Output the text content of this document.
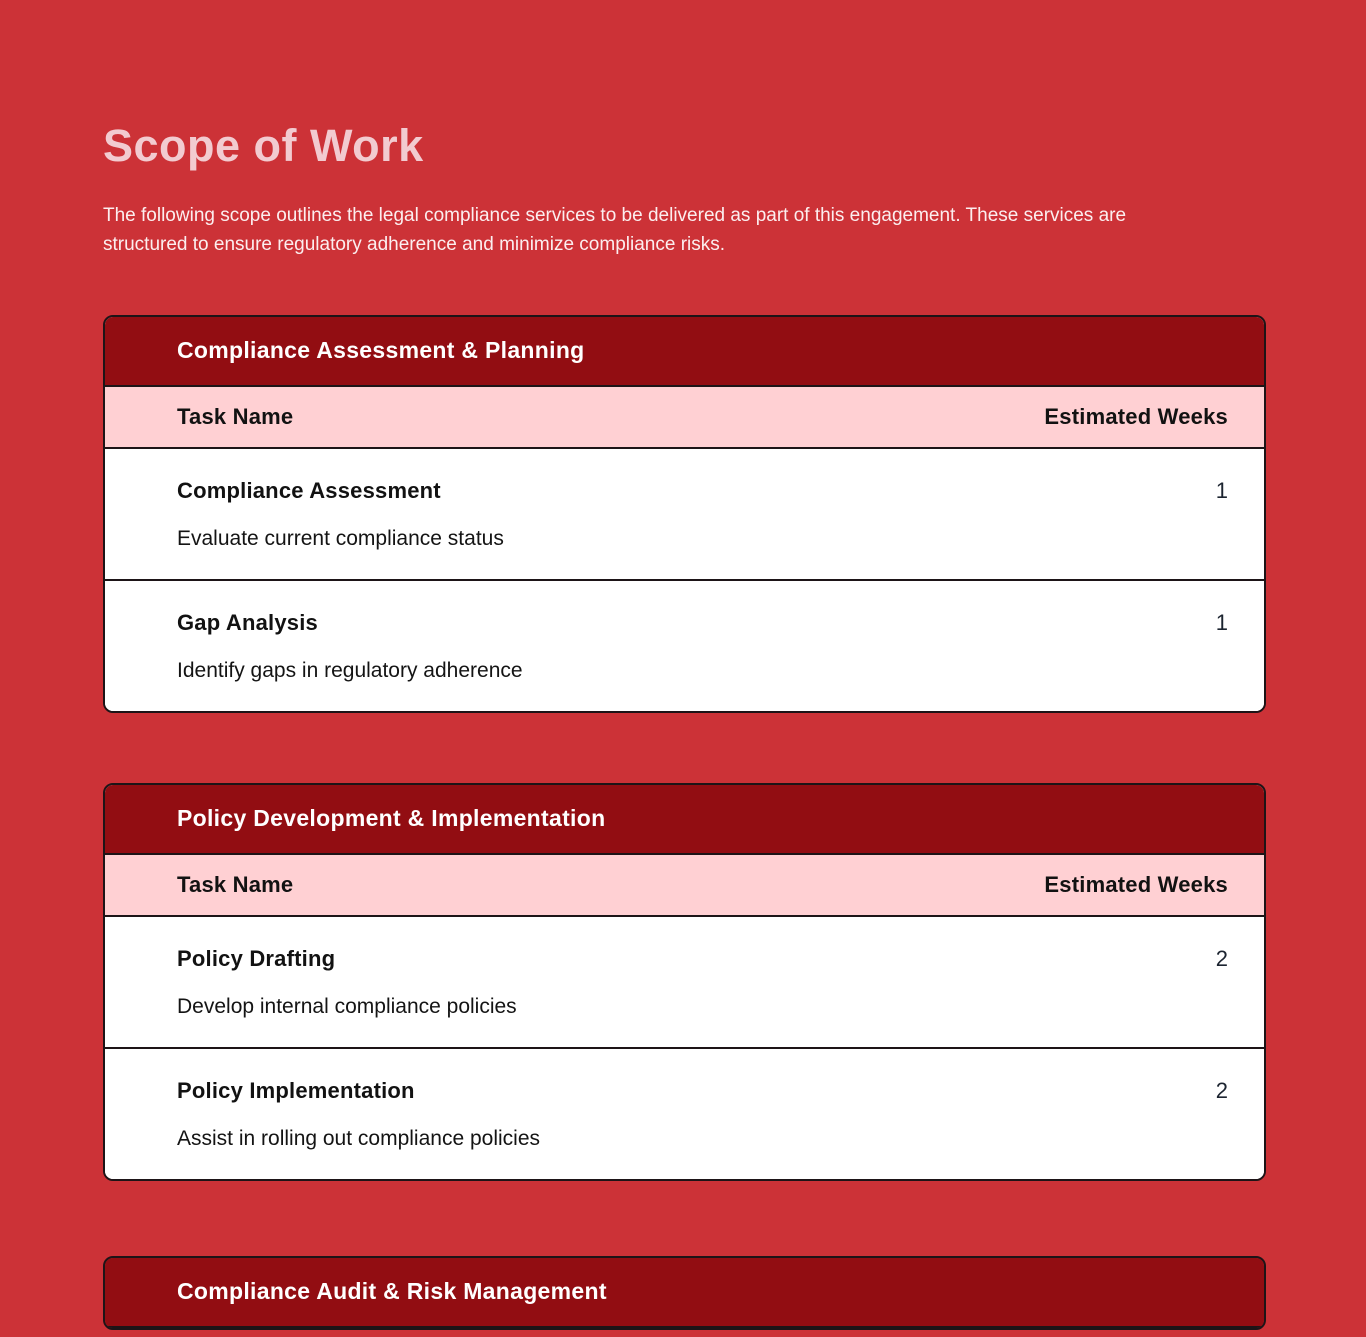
Scope of Work

The following scope outlines the legal compliance services to be delivered as part of this engagement. These services are structured to ensure regulatory adherence and minimize compliance risks.

Compliance Assessment & Planning
Task Name	Estimated Weeks
Compliance Assessment	1
Evaluate current compliance status
Gap Analysis	1
Identify gaps in regulatory adherence
Policy Development & Implementation
Task Name	Estimated Weeks
Policy Drafting	2
Develop internal compliance policies
Policy Implementation	2
Assist in rolling out compliance policies
Compliance Audit & Risk Management
